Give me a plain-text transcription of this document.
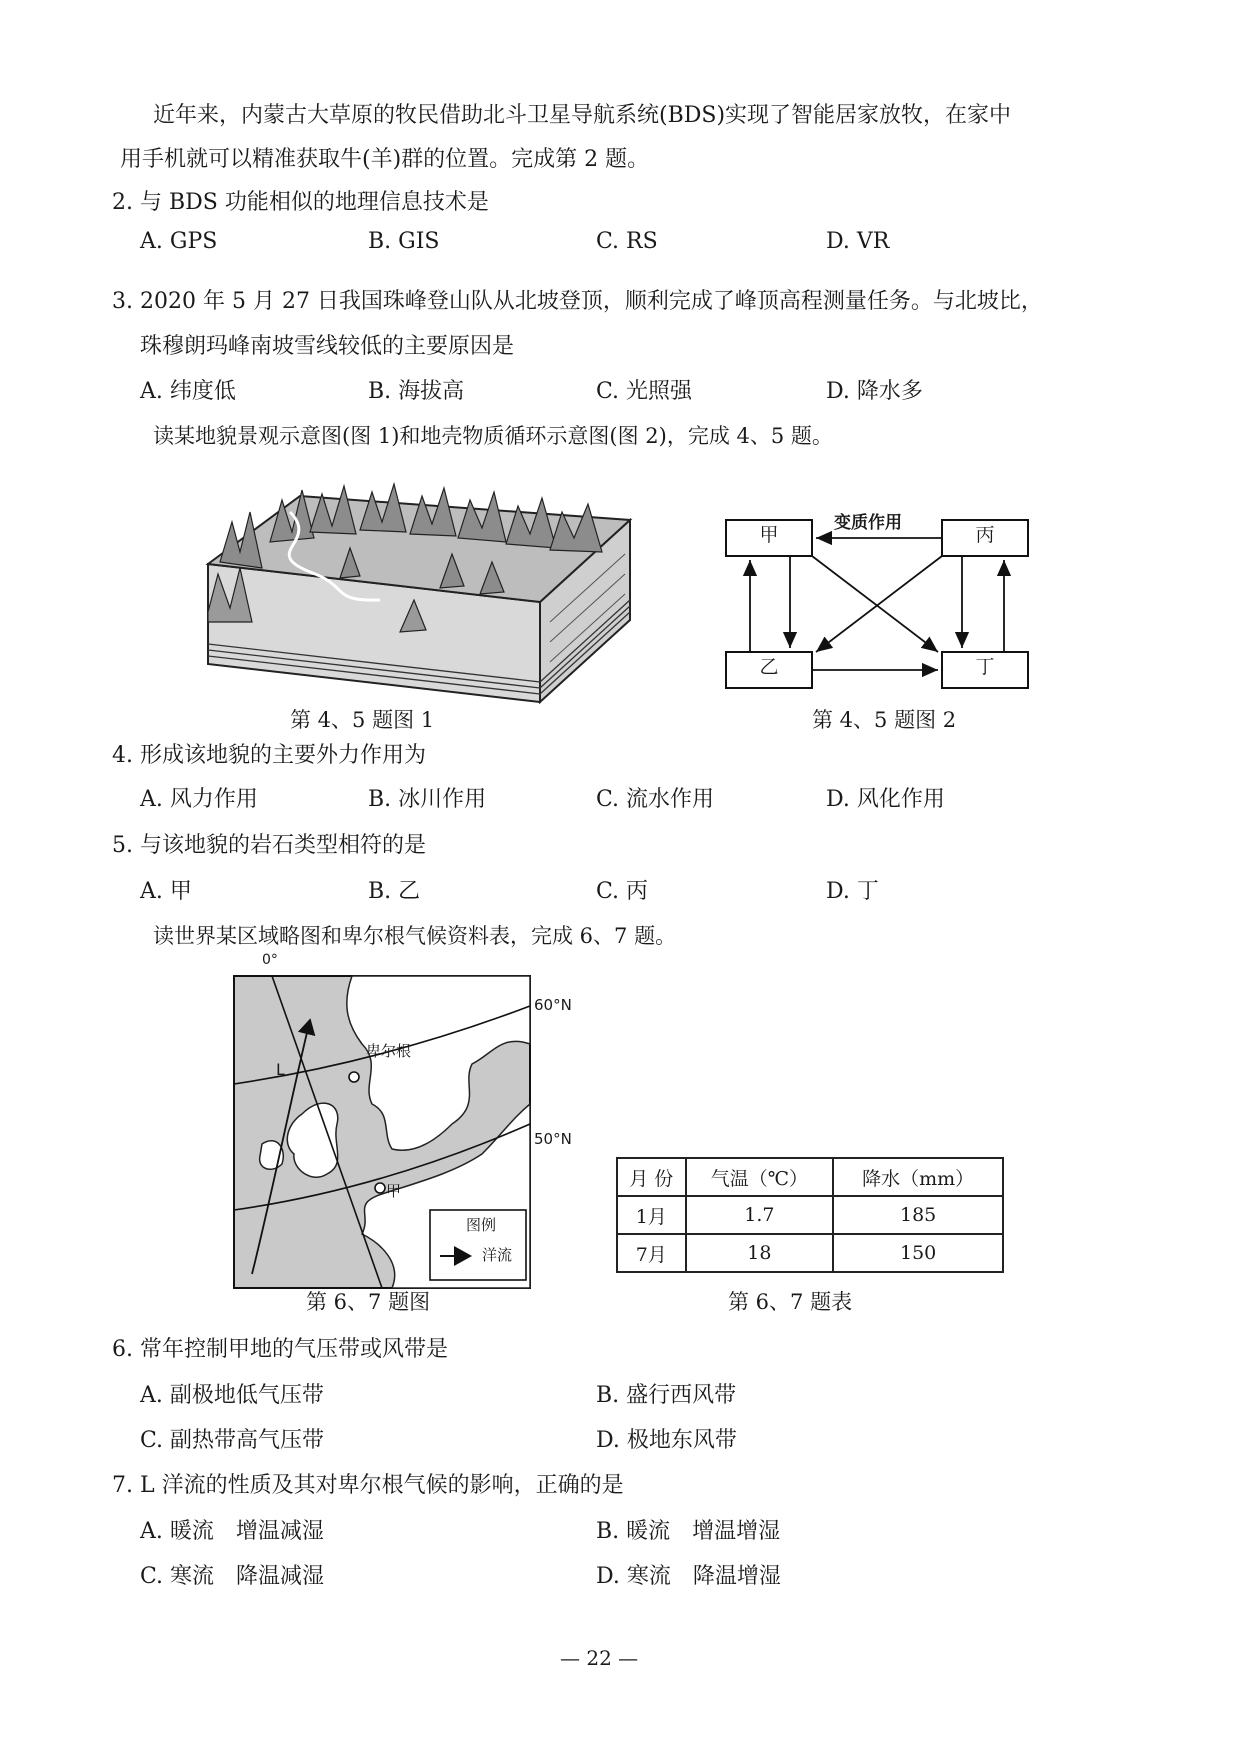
近年来，内蒙古大草原的牧民借助北斗卫星导航系统(BDS)实现了智能居家放牧，在家中
用手机就可以精准获取牛(羊)群的位置。完成第 2 题。
2. 与 BDS 功能相似的地理信息技术是
A. GPS	B. GIS	C. RS	D. VR
3. 2020 年 5 月 27 日我国珠峰登山队从北坡登顶，顺利完成了峰顶高程测量任务。与北坡比，
珠穆朗玛峰南坡雪线较低的主要原因是
A. 纬度低	B. 海拔高	C. 光照强	D. 降水多
读某地貌景观示意图(图 1)和地壳物质循环示意图(图 2)，完成 4、5 题。
第 4、5 题图 1
甲	丙
乙	丁
变质作用
第 4、5 题图 2
4. 形成该地貌的主要外力作用为
A. 风力作用	B. 冰川作用	C. 流水作用	D. 风化作用
5. 与该地貌的岩石类型相符的是
A. 甲	B. 乙	C. 丙	D. 丁
读世界某区域略图和卑尔根气候资料表，完成 6、7 题。
0°
60°N
50°N
卑尔根
甲
L
图例
洋流
第 6、7 题图
月 份	气温（℃）	降水（mm）
1月	1.7	185
7月	18	150
第 6、7 题表
6. 常年控制甲地的气压带或风带是
A. 副极地低气压带	B. 盛行西风带
C. 副热带高气压带	D. 极地东风带
7. L 洋流的性质及其对卑尔根气候的影响，正确的是
A. 暖流　增温减湿	B. 暖流　增温增湿
C. 寒流　降温减湿	D. 寒流　降温增湿
— 22 —
